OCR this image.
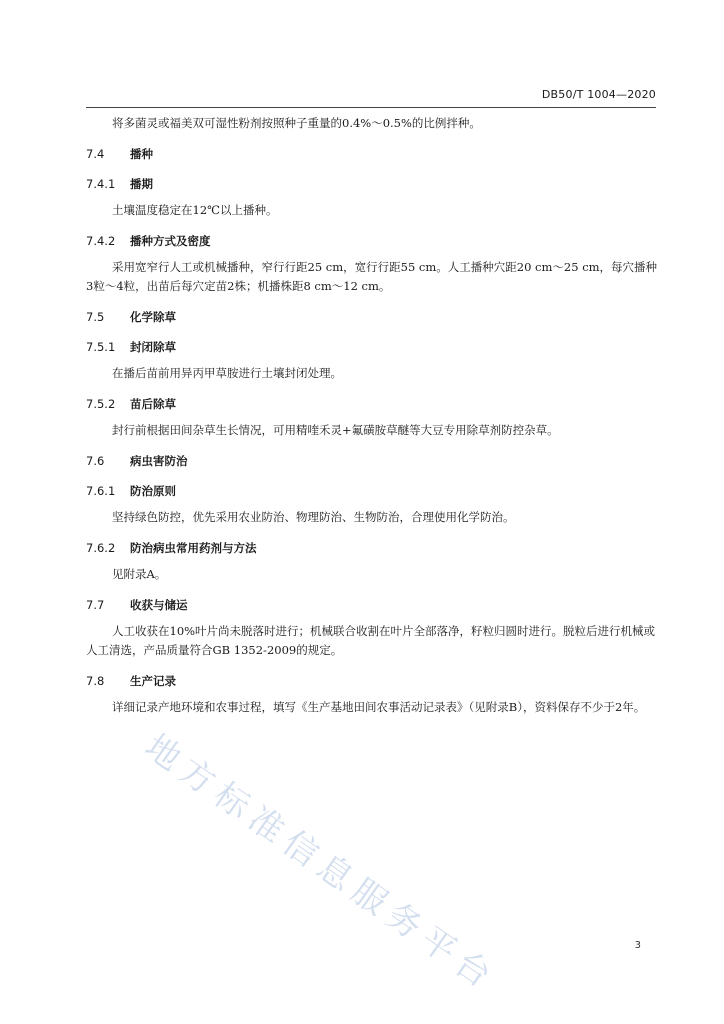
DB50/T 1004—2020

将多菌灵或福美双可湿性粉剂按照种子重量的0.4%～0.5%的比例拌种。

7.4 播种
7.4.1 播期

土壤温度稳定在12℃以上播种。

7.4.2 播种方式及密度

采用宽窄行人工或机械播种，窄行行距25 cm，宽行行距55 cm。人工播种穴距20 cm～25 cm，每穴播种3粒～4粒，出苗后每穴定苗2株；机播株距8 cm～12 cm。

7.5 化学除草
7.5.1 封闭除草

在播后苗前用异丙甲草胺进行土壤封闭处理。

7.5.2 苗后除草

封行前根据田间杂草生长情况，可用精喹禾灵+氟磺胺草醚等大豆专用除草剂防控杂草。

7.6 病虫害防治
7.6.1 防治原则

坚持绿色防控，优先采用农业防治、物理防治、生物防治，合理使用化学防治。

7.6.2 防治病虫常用药剂与方法

见附录A。

7.7 收获与储运

人工收获在10%叶片尚未脱落时进行；机械联合收割在叶片全部落净，籽粒归圆时进行。脱粒后进行机械或人工清选，产品质量符合GB 1352-2009的规定。

7.8 生产记录

详细记录产地环境和农事过程，填写《生产基地田间农事活动记录表》（见附录B），资料保存不少于2年。

地方标准信息服务平台	3
